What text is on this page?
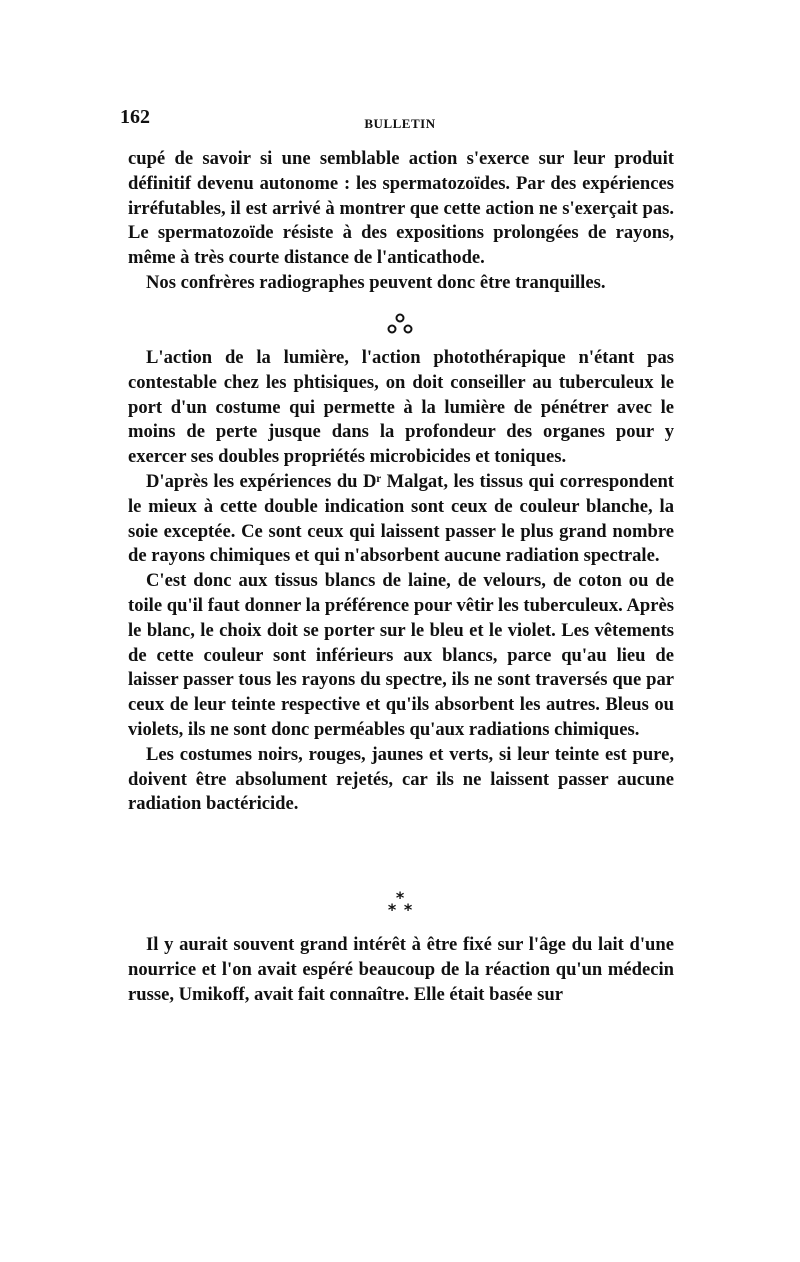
162	BULLETIN

cupé de savoir si une semblable action s'exerce sur leur produit définitif devenu autonome : les spermatozoïdes. Par des expériences irréfutables, il est arrivé à montrer que cette action ne s'exerçait pas. Le spermatozoïde résiste à des expositions prolongées de rayons, même à très courte distance de l'anticathode.

Nos confrères radiographes peuvent donc être tranquilles.

L'action de la lumière, l'action photothérapique n'étant pas contestable chez les phtisiques, on doit conseiller au tuberculeux le port d'un costume qui permette à la lumière de pénétrer avec le moins de perte jusque dans la profondeur des organes pour y exercer ses doubles propriétés microbicides et toniques.

D'après les expériences du Dʳ Malgat, les tissus qui correspondent le mieux à cette double indication sont ceux de couleur blanche, la soie exceptée. Ce sont ceux qui laissent passer le plus grand nombre de rayons chimiques et qui n'absorbent aucune radiation spectrale.

C'est donc aux tissus blancs de laine, de velours, de coton ou de toile qu'il faut donner la préférence pour vêtir les tuberculeux. Après le blanc, le choix doit se porter sur le bleu et le violet. Les vêtements de cette couleur sont inférieurs aux blancs, parce qu'au lieu de laisser passer tous les rayons du spectre, ils ne sont traversés que par ceux de leur teinte respective et qu'ils absorbent les autres. Bleus ou violets, ils ne sont donc perméables qu'aux radiations chimiques.

Les costumes noirs, rouges, jaunes et verts, si leur teinte est pure, doivent être absolument rejetés, car ils ne laissent passer aucune radiation bactéricide.

*
* *

Il y aurait souvent grand intérêt à être fixé sur l'âge du lait d'une nourrice et l'on avait espéré beaucoup de la réaction qu'un médecin russe, Umikoff, avait fait connaître. Elle était basée sur
